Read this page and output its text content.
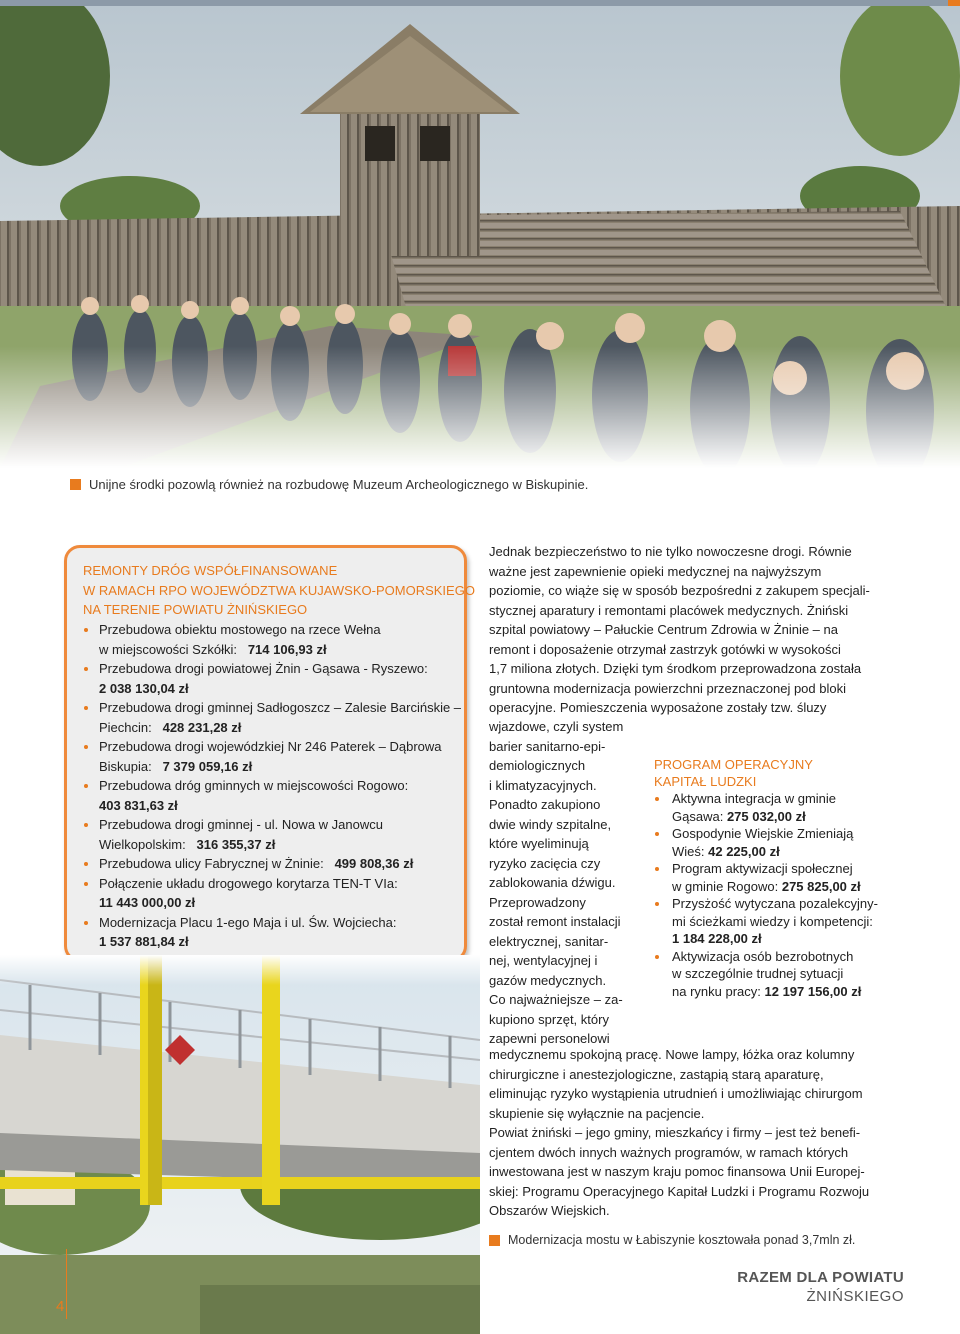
Unijne środki pozowlą również na rozbudowę Muzeum Archeologicznego w Biskupinie.
REMONTY DRÓG WSPÓŁFINANSOWANE
W RAMACH RPO WOJEWÓDZTWA KUJAWSKO-POMORSKIEGO
NA TERENIE POWIATU ŻNIŃSKIEGO
Przebudowa obiektu mostowego na rzece Wełna
w miejscowości Szkółki: 714 106,93 zł
Przebudowa drogi powiatowej Żnin - Gąsawa - Ryszewo:
2 038 130,04 zł
Przebudowa drogi gminnej Sadłogoszcz – Zalesie Barcińskie –
Piechcin: 428 231,28 zł
Przebudowa drogi wojewódzkiej Nr 246 Paterek – Dąbrowa
Biskupia: 7 379 059,16 zł
Przebudowa dróg gminnych w miejscowości Rogowo:
403 831,63 zł
Przebudowa drogi gminnej - ul. Nowa w Janowcu
Wielkopolskim: 316 355,37 zł
Przebudowa ulicy Fabrycznej w Żninie: 499 808,36 zł
Połączenie układu drogowego korytarza TEN-T VIa:
11 443 000,00 zł
Modernizacja Placu 1-ego Maja i ul. Św. Wojciecha:
1 537 881,84 zł
Jednak bezpieczeństwo to nie tylko nowoczesne drogi. Równie
ważne jest zapewnienie opieki medycznej na najwyższym
poziomie, co wiąże się w sposób bezpośredni z zakupem specjali-
stycznej aparatury i remontami placówek medycznych. Żniński
szpital powiatowy – Pałuckie Centrum Zdrowia w Żninie – na
remont i doposażenie otrzymał zastrzyk gotówki w wysokości
1,7 miliona złotych. Dzięki tym środkom przeprowadzona została
gruntowna modernizacja powierzchni przeznaczonej pod bloki
operacyjne. Pomieszczenia wyposażone zostały tzw. śluzy
wjazdowe, czyli system
barier sanitarno-epi-
demiologicznych
i klimatyzacyjnych.
Ponadto zakupiono
dwie windy szpitalne,
które wyeliminują
ryzyko zacięcia czy
zablokowania dźwigu.
Przeprowadzony
został remont instalacji
elektrycznej, sanitar-
nej, wentylacyjnej i
gazów medycznych.
Co najważniejsze – za-
kupiono sprzęt, który
zapewni personelowi
medycznemu spokojną pracę. Nowe lampy, łóżka oraz kolumny
chirurgiczne i anestezjologiczne, zastąpią starą aparaturę,
eliminując ryzyko wystąpienia utrudnień i umożliwiając chirurgom
skupienie się wyłącznie na pacjencie.
Powiat żniński – jego gminy, mieszkańcy i firmy – jest też benefi-
cjentem dwóch innych ważnych programów, w ramach których
inwestowana jest w naszym kraju pomoc finansowa Unii Europej-
skiej: Programu Operacyjnego Kapitał Ludzki i Programu Rozwoju
Obszarów Wiejskich.
PROGRAM OPERACYJNY
KAPITAŁ LUDZKI
Aktywna integracja w gminie
Gąsawa: 275 032,00 zł
Gospodynie Wiejskie Zmieniają
Wieś: 42 225,00 zł
Program aktywizacji społecznej
w gminie Rogowo: 275 825,00 zł
Przysżość wytyczana pozalekcyjny-
mi ścieżkami wiedzy i kompetencji:
1 184 228,00 zł
Aktywizacja osób bezrobotnych
w szczególnie trudnej sytuacji
na rynku pracy: 12 197 156,00 zł
Modernizacja mostu w Łabiszynie kosztowała ponad 3,7mln zł.
4
RAZEM DLA POWIATU
ŻNIŃSKIEGO
